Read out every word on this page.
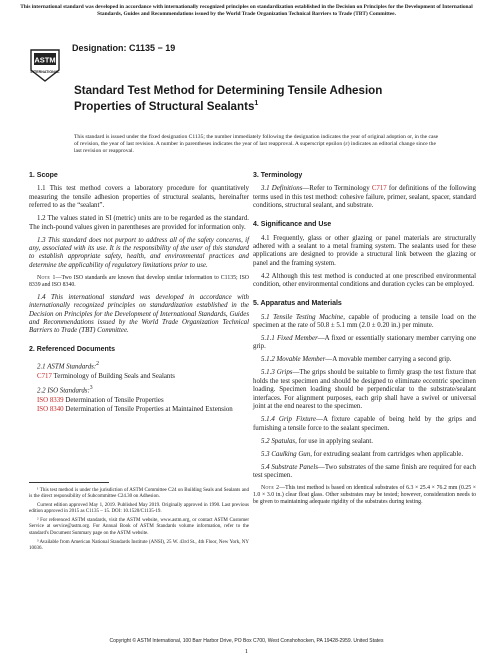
This international standard was developed in accordance with internationally recognized principles on standardization established in the Decision on Principles for the Development of International Standards, Guides and Recommendations issued by the World Trade Organization Technical Barriers to Trade (TBT) Committee.
ASTM
INTERNATIONAL
Designation: C1135 − 19
Standard Test Method for Determining Tensile Adhesion Properties of Structural Sealants$^1$
This standard is issued under the fixed designation C1135; the number immediately following the designation indicates the year of original adoption or, in the case of revision, the year of last revision. A number in parentheses indicates the year of last reapproval. A superscript epsilon (ε) indicates an editorial change since the last revision or reapproval.
1. Scope

1.1 This test method covers a laboratory procedure for quantitatively measuring the tensile adhesion properties of structural sealants, hereinafter referred to as the “sealant”.

1.2 The values stated in SI (metric) units are to be regarded as the standard. The inch-pound values given in parentheses are provided for information only.

1.3 This standard does not purport to address all of the safety concerns, if any, associated with its use. It is the responsibility of the user of this standard to establish appropriate safety, health, and environmental practices and determine the applicability of regulatory limitations prior to use.

Note 1—Two ISO standards are known that develop similar information to C1135; ISO 8339 and ISO 8340.

1.4 This international standard was developed in accordance with internationally recognized principles on standardization established in the Decision on Principles for the Development of International Standards, Guides and Recommendations issued by the World Trade Organization Technical Barriers to Trade (TBT) Committee.

2. Referenced Documents

2.1 ASTM Standards:$^2$

C717 Terminology of Building Seals and Sealants

2.2 ISO Standards:$^3$

ISO 8339 Determination of Tensile Properties

ISO 8340 Determination of Tensile Properties at Maintained Extension

¹ This test method is under the jurisdiction of ASTM Committee C24 on Building Seals and Sealants and is the direct responsibility of Subcommittee C24.30 on Adhesion.

Current edition approved May 1, 2019. Published May 2019. Originally approved in 1990. Last previous edition approved in 2015 as C1135 – 15. DOI: 10.1520/C1135-19.

² For referenced ASTM standards, visit the ASTM website, www.astm.org, or contact ASTM Customer Service at service@astm.org. For Annual Book of ASTM Standards volume information, refer to the standard's Document Summary page on the ASTM website.

³ Available from American National Standards Institute (ANSI), 25 W. 43rd St., 4th Floor, New York, NY 10036.

3. Terminology

3.1 Definitions—Refer to Terminology C717 for definitions of the following terms used in this test method: cohesive failure, primer, sealant, spacer, standard conditions, structural sealant, and substrate.

4. Significance and Use

4.1 Frequently, glass or other glazing or panel materials are structurally adhered with a sealant to a metal framing system. The sealants used for these applications are designed to provide a structural link between the glazing or panel and the framing system.

4.2 Although this test method is conducted at one prescribed environmental condition, other environmental conditions and duration cycles can be employed.

5. Apparatus and Materials

5.1 Tensile Testing Machine, capable of producing a tensile load on the specimen at the rate of 50.8 ± 5.1 mm (2.0 ± 0.20 in.) per minute.

5.1.1 Fixed Member—A fixed or essentially stationary member carrying one grip.

5.1.2 Movable Member—A movable member carrying a second grip.

5.1.3 Grips—The grips should be suitable to firmly grasp the test fixture that holds the test specimen and should be designed to eliminate eccentric specimen loading. Specimen loading should be perpendicular to the substrate/sealant interfaces. For alignment purposes, each grip shall have a swivel or universal joint at the end nearest to the specimen.

5.1.4 Grip Fixture—A fixture capable of being held by the grips and furnishing a tensile force to the sealant specimen.

5.2 Spatulas, for use in applying sealant.

5.3 Caulking Gun, for extruding sealant from cartridges when applicable.

5.4 Substrate Panels—Two substrates of the same finish are required for each test specimen.

Note 2—This test method is based on identical substrates of 6.3 × 25.4 × 76.2 mm (0.25 × 1.0 × 3.0 in.) clear float glass. Other substrates may be tested; however, consideration needs to be given to maintaining adequate rigidity of the substrates during testing.

Copyright © ASTM International, 100 Barr Harbor Drive, PO Box C700, West Conshohocken, PA 19428-2959. United States
1
